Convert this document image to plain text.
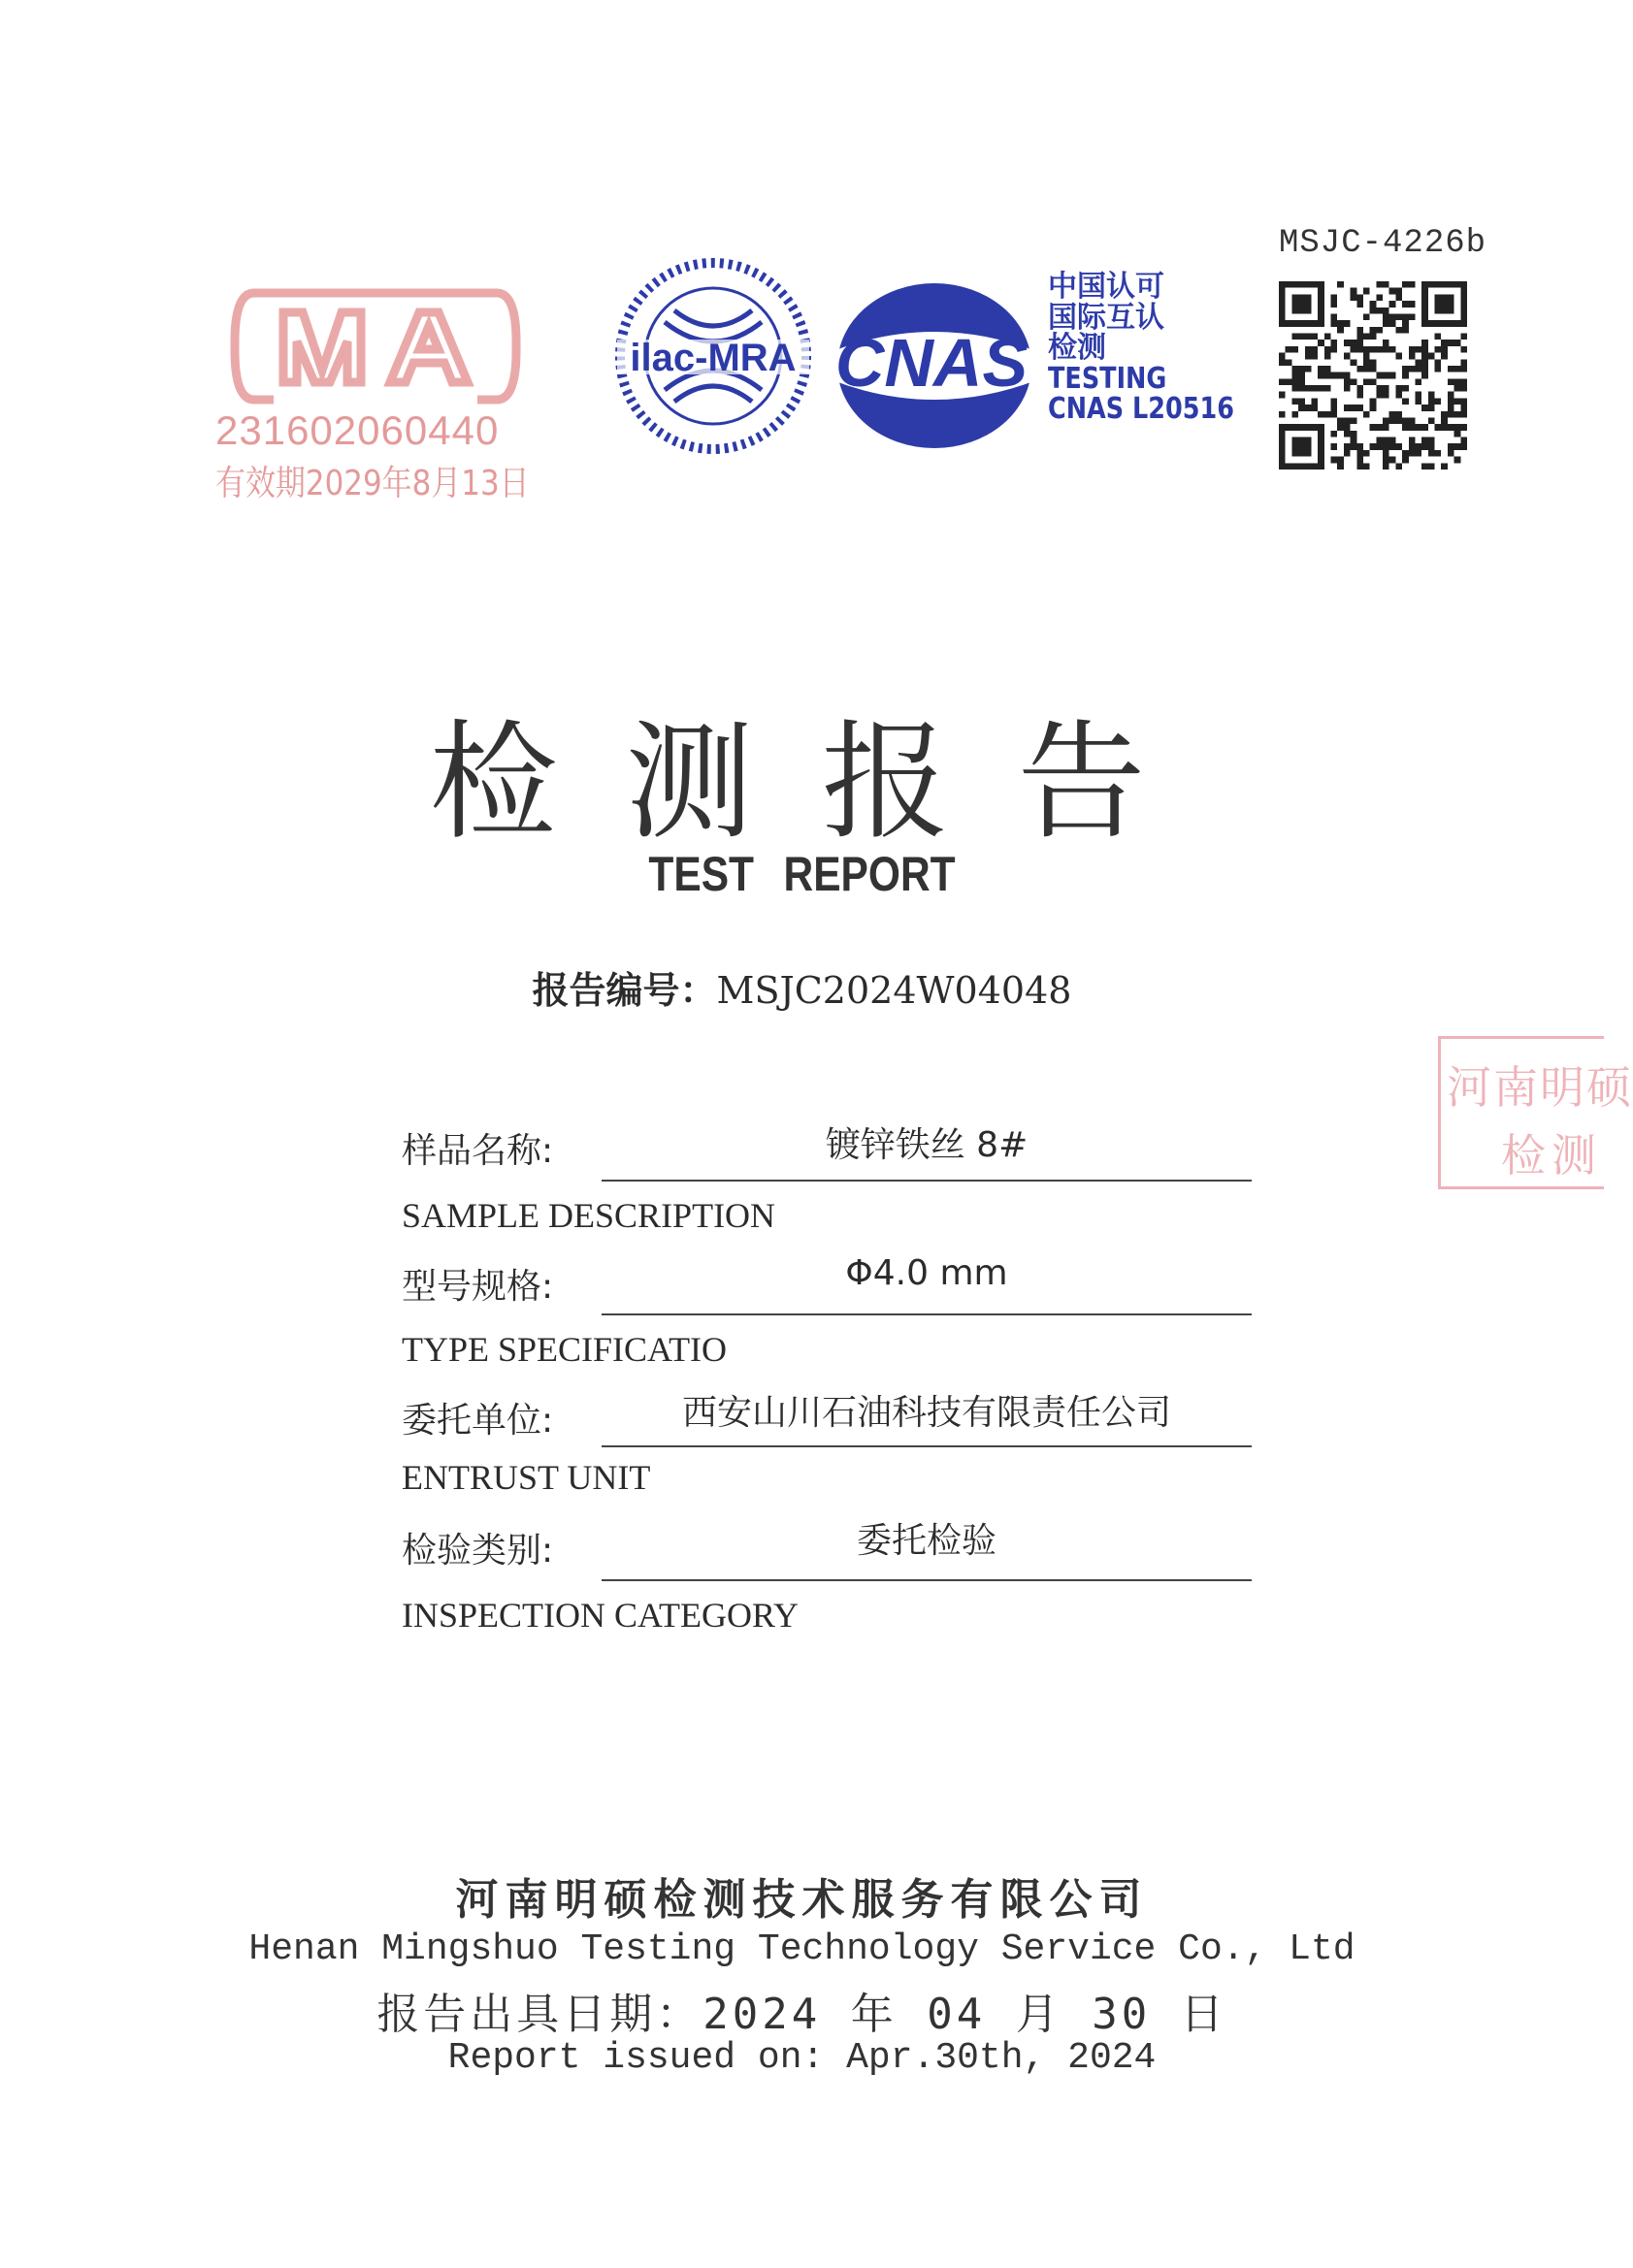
MSJC-4226b
231602060440
有效期2029年8月13日
ilac-MRA CNAS
中国认可
国际互认
检测
TESTING
CNAS L20516
检测报告
TEST REPORT
报告编号：MSJC2024W04048
河南明硕
检测
样品名称:	镀锌铁丝 8#
SAMPLE DESCRIPTION
型号规格:	Φ4.0 mm
TYPE SPECIFICATIO
委托单位:	西安山川石油科技有限责任公司
ENTRUST UNIT
检验类别:	委托检验
INSPECTION CATEGORY
河南明硕检测技术服务有限公司
Henan Mingshuo Testing Technology Service Co., Ltd
报告出具日期：2024 年 04 月 30 日
Report issued on: Apr.30th, 2024
